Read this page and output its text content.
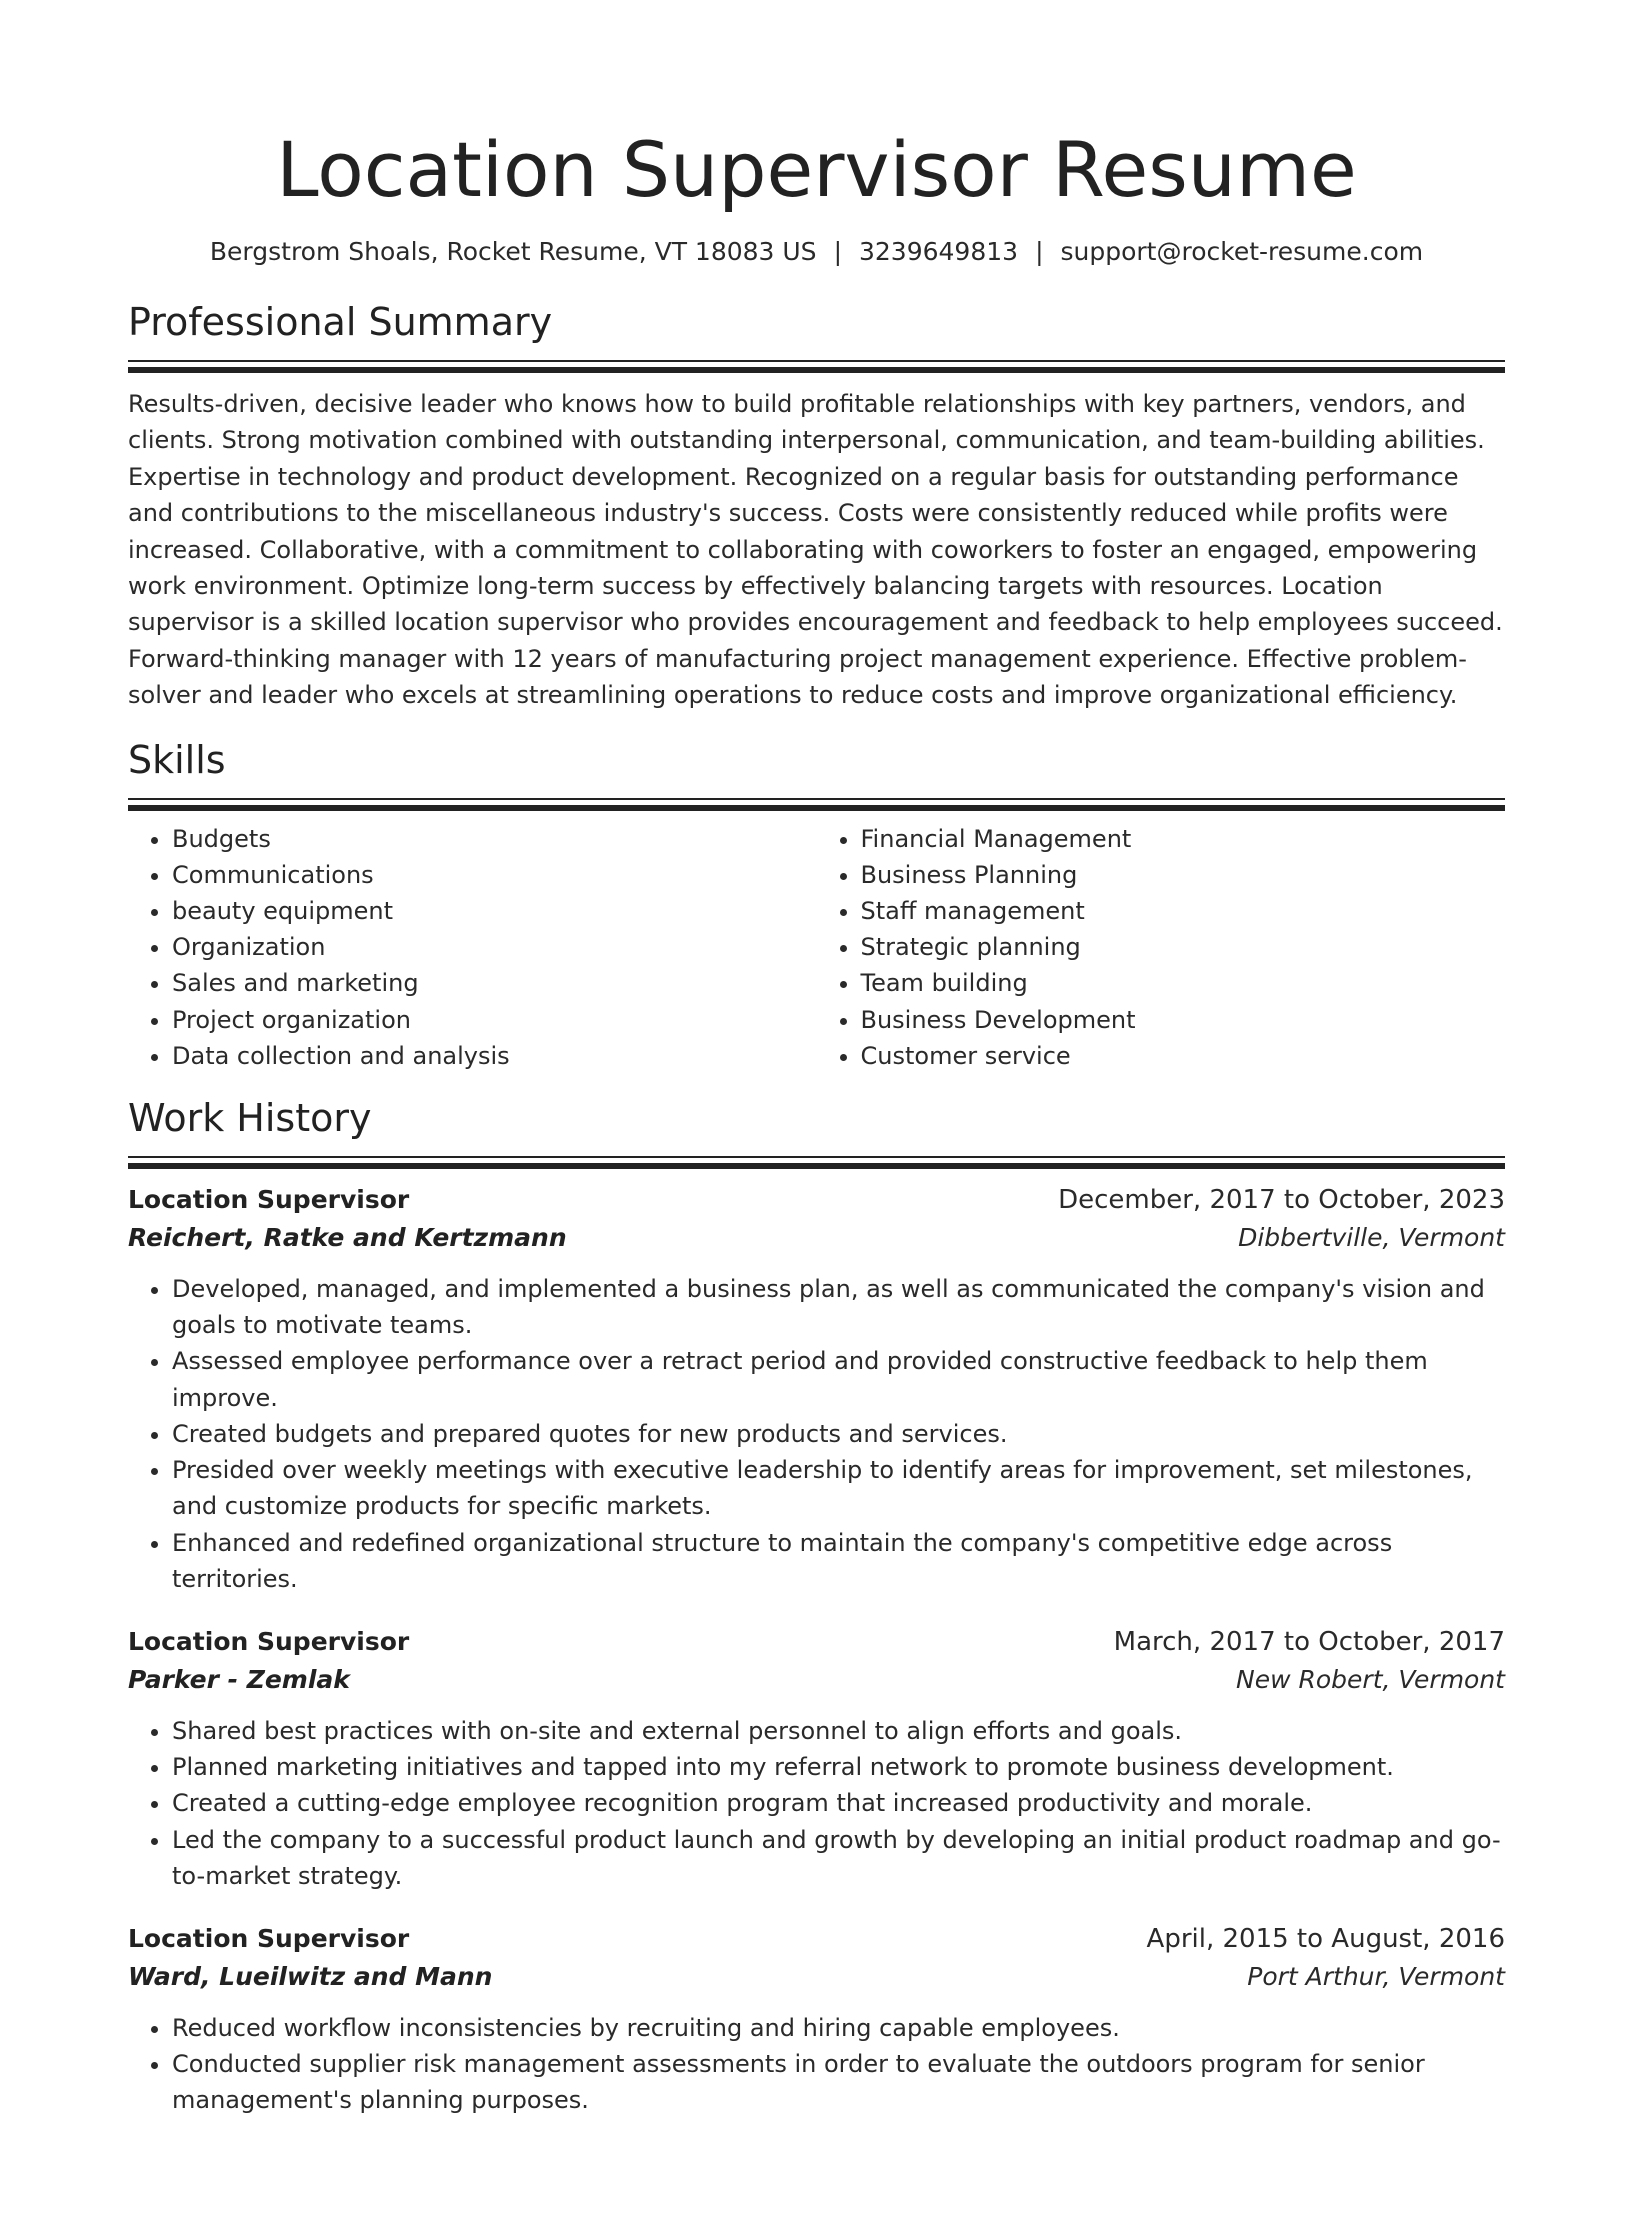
Location Supervisor Resume
Bergstrom Shoals, Rocket Resume, VT 18083 US | 3239649813 | support@rocket-resume.com
Professional Summary

Results-driven, decisive leader who knows how to build profitable relationships with key partners, vendors, and clients. Strong motivation combined with outstanding interpersonal, communication, and team-building abilities. Expertise in technology and product development. Recognized on a regular basis for outstanding performance and contributions to the miscellaneous industry's success. Costs were consistently reduced while profits were increased. Collaborative, with a commitment to collaborating with coworkers to foster an engaged, empowering work environment. Optimize long-term success by effectively balancing targets with resources. Location supervisor is a skilled location supervisor who provides encouragement and feedback to help employees succeed. Forward-thinking manager with 12 years of manufacturing project management experience. Effective problem-solver and leader who excels at streamlining operations to reduce costs and improve organizational efficiency.

Skills
• Budgets
• Communications
• beauty equipment
• Organization
• Sales and marketing
• Project organization
• Data collection and analysis
• Financial Management
• Business Planning
• Staff management
• Strategic planning
• Team building
• Business Development
• Customer service
Work History
Location Supervisor	December, 2017 to October, 2023
Reichert, Ratke and Kertzmann	Dibbertville, Vermont
• Developed, managed, and implemented a business plan, as well as communicated the company's vision and goals to motivate teams.
• Assessed employee performance over a retract period and provided constructive feedback to help them improve.
• Created budgets and prepared quotes for new products and services.
• Presided over weekly meetings with executive leadership to identify areas for improvement, set milestones, and customize products for specific markets.
• Enhanced and redefined organizational structure to maintain the company's competitive edge across territories.
Location Supervisor	March, 2017 to October, 2017
Parker - Zemlak	New Robert, Vermont
• Shared best practices with on-site and external personnel to align efforts and goals.
• Planned marketing initiatives and tapped into my referral network to promote business development.
• Created a cutting-edge employee recognition program that increased productivity and morale.
• Led the company to a successful product launch and growth by developing an initial product roadmap and go-to-market strategy.
Location Supervisor	April, 2015 to August, 2016
Ward, Lueilwitz and Mann	Port Arthur, Vermont
• Reduced workflow inconsistencies by recruiting and hiring capable employees.
• Conducted supplier risk management assessments in order to evaluate the outdoors program for senior management's planning purposes.
